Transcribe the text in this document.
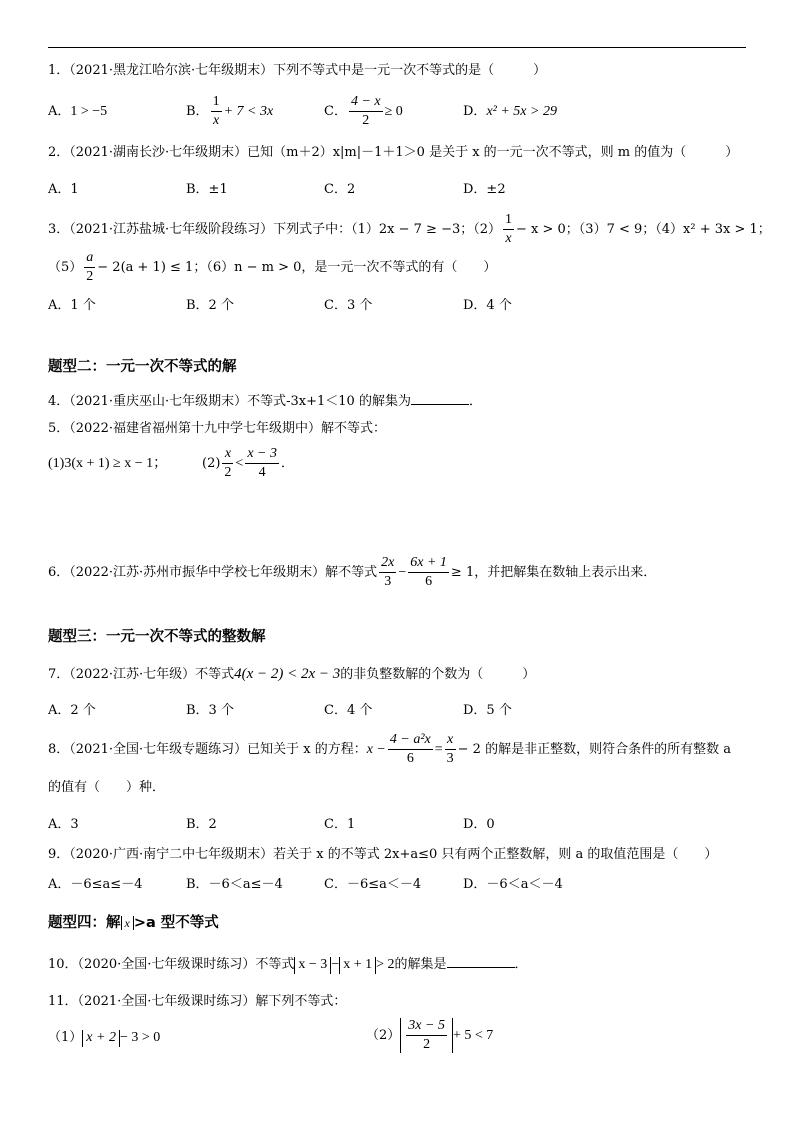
1．（2021·黑龙江哈尔滨·七年级期末）下列不等式中是一元一次不等式的是（　　　）
A．1 > −5	B． $\frac{1}{x} + 7 < 3x$	C． $\frac{4 - x}{2} \ge 0$	D．x² + 5x > 29
2．（2021·湖南长沙·七年级期末）已知（m＋2）x|m|－1＋1＞0 是关于 x 的一元一次不等式，则 m 的值为（　　　）
A．1	B．±1	C．2	D．±2
3．（2021·江苏盐城·七年级阶段练习）下列式子中：（1）2x − 7 ≥ −3；$(2) \frac{1}{x} - x > 0$；（3）7 < 9；（4）x² + 3x > 1；
$(5) \frac{a}{2} - 2(a + 1) \le 1$；（6）n − m > 0，是一元一次不等式的有（　　）
A．1 个	B．2 个	C．3 个	D．4 个
题型二：一元一次不等式的解
4．（2021·重庆巫山·七年级期末）不等式-3x+1＜10 的解集为	．
5．（2022·福建省福州第十九中学七年级期中）解不等式：
(1)3(x + 1) ≥ x − 1；	$(2) \frac{x}{2} < \frac{x - 3}{4}$ ．
6．（2022·江苏·苏州市振华中学校七年级期末）解不等式 $\frac{2x}{3} - \frac{6x + 1}{6} \ge 1$，并把解集在数轴上表示出来．
题型三：一元一次不等式的整数解
7．（2022·江苏·七年级）不等式4(x − 2) < 2x − 3的非负整数解的个数为（　　　）
A．2 个	B．3 个	C．4 个	D．5 个
8．（2021·全国·七年级专题练习）已知关于 x 的方程：$x - \frac{\text{4 − a²x}}{6} = \frac{x}{3} - 2$ 的解是非正整数，则符合条件的所有整数 a
的值有（　　）种．
A．3	B．2	C．1	D．0
9．（2020·广西·南宁二中七年级期末）若关于 x 的不等式 2x+a≤0 只有两个正整数解，则 a 的取值范围是（　　）
A．－6≤a≤－4	B．－6＜a≤－4	C．－6≤a＜－4	D．－6＜a＜－4
题型四：解 x >a 型不等式
10．（2020·全国·七年级课时练习）不等式 x − 3 − x + 1 > 2的解集是	．
11．（2021·全国·七年级课时练习）解下列不等式：
（1） x + 2 − 3 > 0	$(2) \frac{3x - 5}{2} + 5 < 7$
